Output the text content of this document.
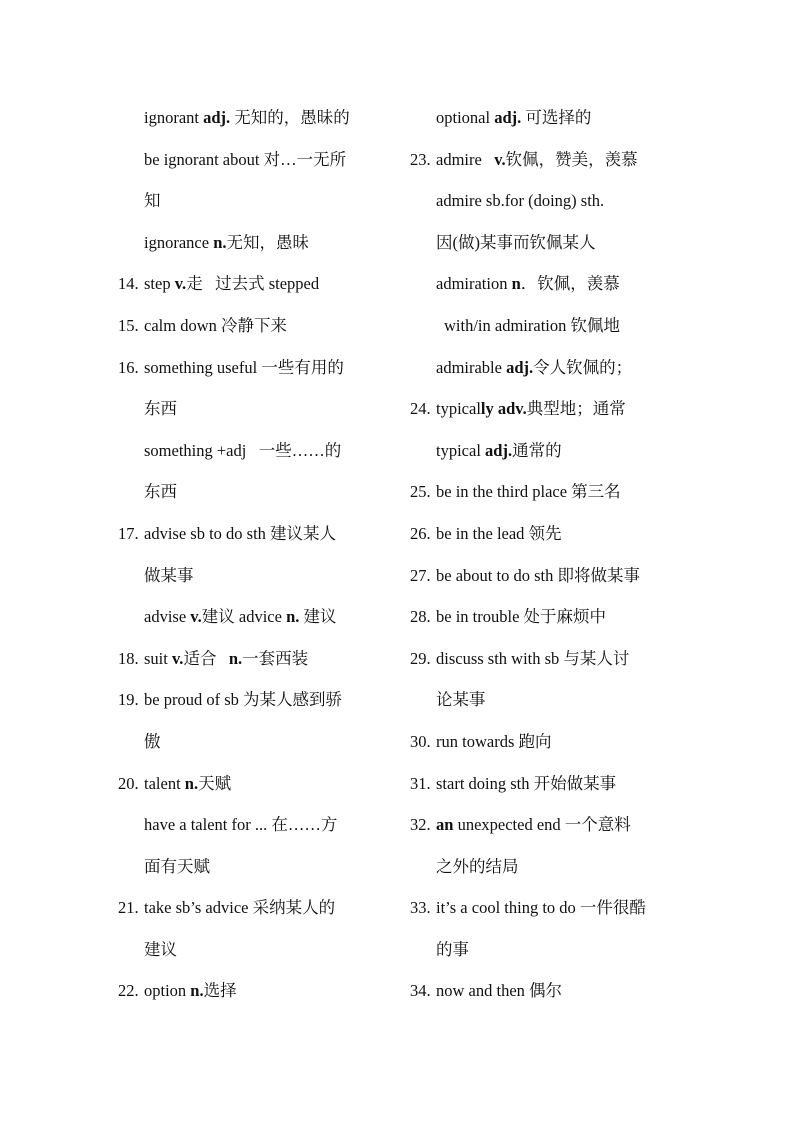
ignorant adj. 无知的，愚昧的
be ignorant about 对…一无所
知
ignorance n.无知，愚昧
14. step v.走   过去式 stepped
15. calm down 冷静下来
16. something useful 一些有用的
东西
something +adj   一些……的
东西
17. advise sb to do sth 建议某人
做某事
advise v.建议 advice n. 建议
18. suit v.适合   n.一套西装
19. be proud of sb 为某人感到骄
傲
20. talent n.天赋
have a talent for ... 在……方
面有天赋
21. take sb’s advice 采纳某人的
建议
22. option n.选择
optional adj. 可选择的
23. admire   v.钦佩，赞美，羡慕
admire sb.for (doing) sth.
因(做)某事而钦佩某人
admiration n．钦佩，羡慕
with/in admiration 钦佩地
admirable adj.令人钦佩的；
24. typically adv.典型地；通常
typical adj.通常的
25. be in the third place 第三名
26. be in the lead 领先
27. be about to do sth 即将做某事
28. be in trouble 处于麻烦中
29. discuss sth with sb 与某人讨
论某事
30. run towards 跑向
31. start doing sth 开始做某事
32. an unexpected end 一个意料
之外的结局
33. it’s a cool thing to do 一件很酷
的事
34. now and then 偶尔
